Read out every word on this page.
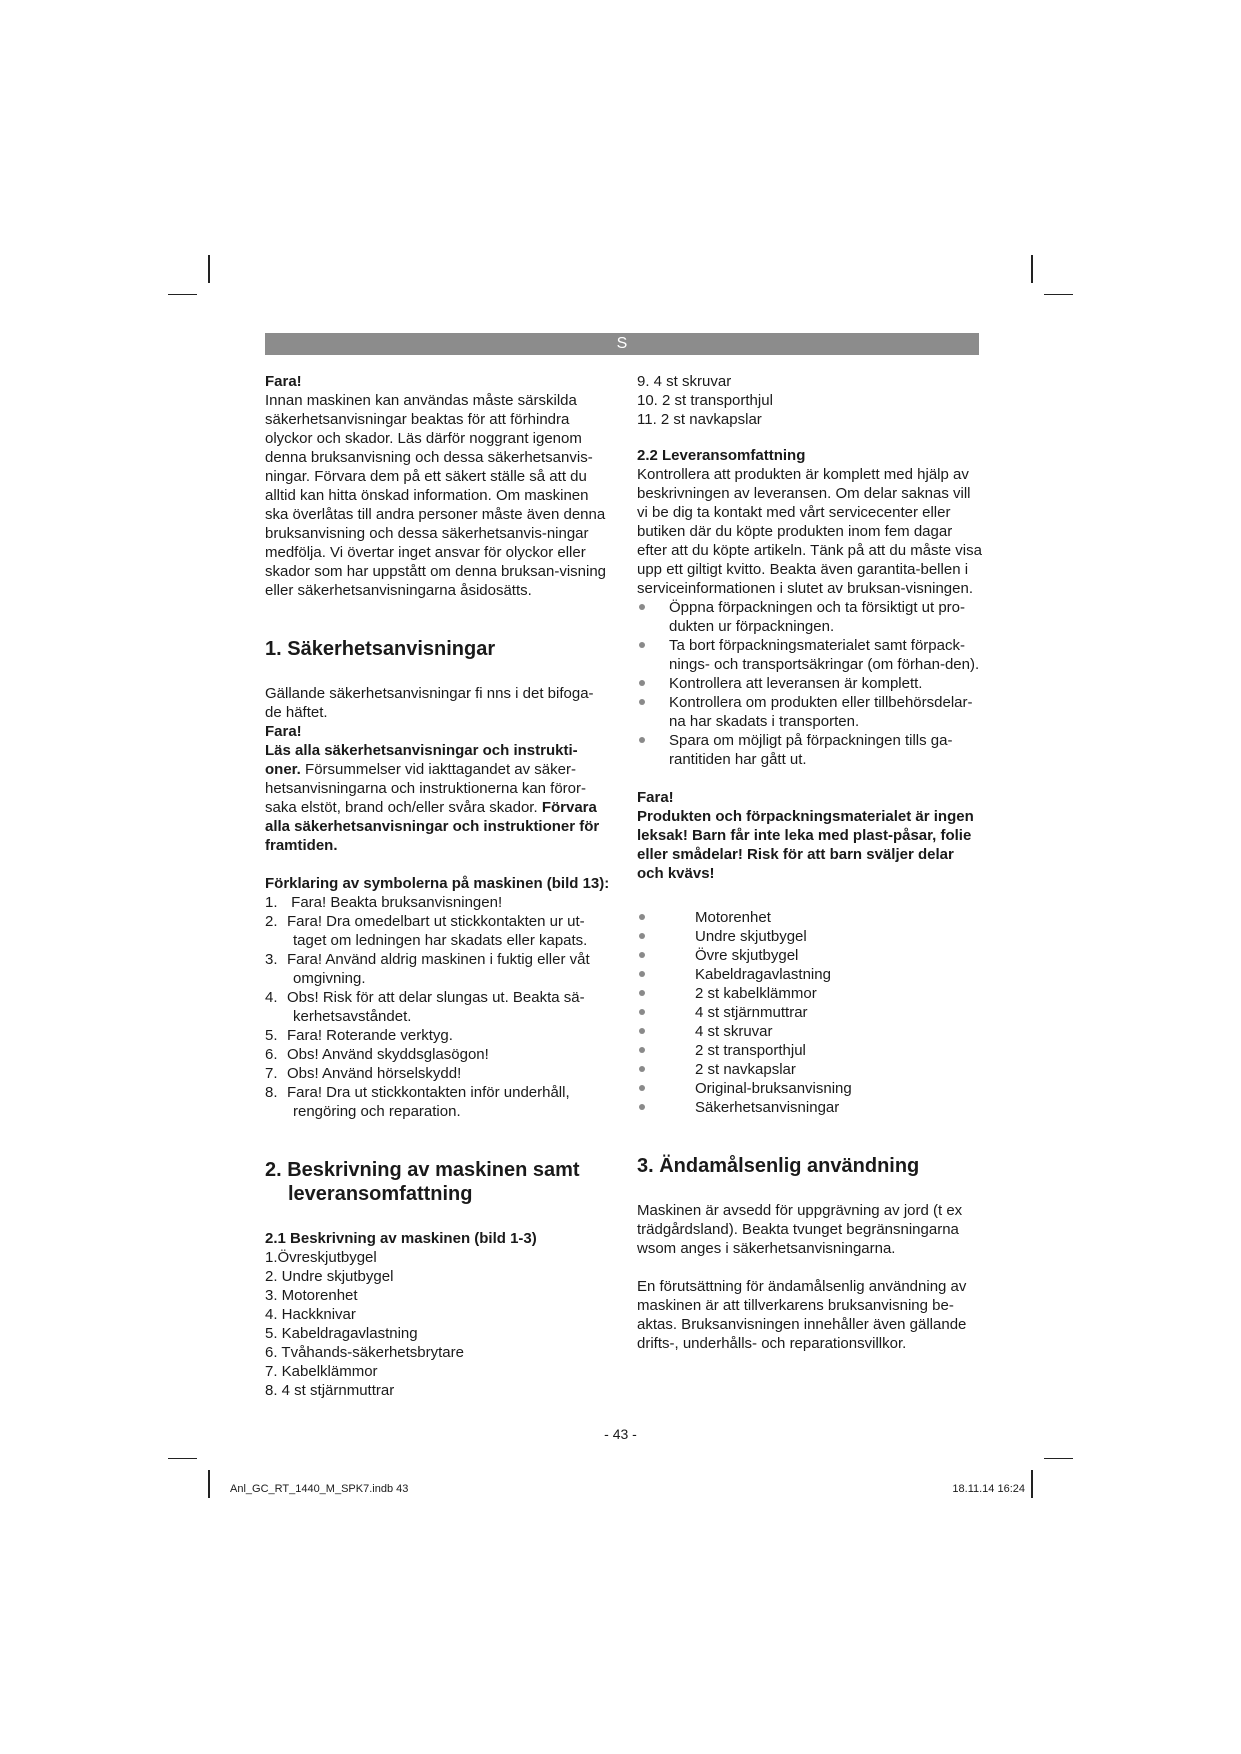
S

Fara!

Innan maskinen kan användas måste särskilda säkerhetsanvisningar beaktas för att förhindra olyckor och skador. Läs därför noggrant igenom denna bruksanvisning och dessa säkerhetsanvis-ningar. Förvara dem på ett säkert ställe så att du alltid kan hitta önskad information. Om maskinen ska överlåtas till andra personer måste även denna bruksanvisning och dessa säkerhetsanvis-ningar medfölja. Vi övertar inget ansvar för olyckor eller skador som har uppstått om denna bruksan-visning eller säkerhetsanvisningarna åsidosätts.

1. Säkerhetsanvisningar

Gällande säkerhetsanvisningar fi nns i det bifoga-de häftet.

Fara!

Läs alla säkerhetsanvisningar och instrukti-oner. Försummelser vid iakttagandet av säker-hetsanvisningarna och instruktionerna kan föror-saka elstöt, brand och/eller svåra skador. Förvara alla säkerhetsanvisningar och instruktioner för framtiden.

Förklaring av symbolerna på maskinen (bild 13):

1. Fara! Beakta bruksanvisningen!
2. Fara! Dra omedelbart ut stickkontakten ur ut-taget om ledningen har skadats eller kapats.
3. Fara! Använd aldrig maskinen i fuktig eller våt omgivning.
4. Obs! Risk för att delar slungas ut. Beakta sä-kerhetsavståndet.
5. Fara! Roterande verktyg.
6. Obs! Använd skyddsglasögon!
7. Obs! Använd hörselskydd!
8. Fara! Dra ut stickkontakten inför underhåll, rengöring och reparation.

2. Beskrivning av maskinen samt
leveransomfattning

2.1 Beskrivning av maskinen (bild 1-3)

1.Övreskjutbygel
2. Undre skjutbygel
3. Motorenhet
4. Hackknivar
5. Kabeldragavlastning
6. Tvåhands-säkerhetsbrytare
7. Kabelklämmor
8. 4 st stjärnmuttrar
9. 4 st skruvar
10. 2 st transporthjul
11. 2 st navkapslar

2.2 Leveransomfattning

Kontrollera att produkten är komplett med hjälp av beskrivningen av leveransen. Om delar saknas vill vi be dig ta kontakt med vårt servicecenter eller butiken där du köpte produkten inom fem dagar efter att du köpte artikeln. Tänk på att du måste visa upp ett giltigt kvitto. Beakta även garantita-bellen i serviceinformationen i slutet av bruksan-visningen.

Öppna förpackningen och ta försiktigt ut pro-dukten ur förpackningen.
Ta bort förpackningsmaterialet samt förpack-nings- och transportsäkringar (om förhan-den).
Kontrollera att leveransen är komplett.
Kontrollera om produkten eller tillbehörsdelar-na har skadats i transporten.
Spara om möjligt på förpackningen tills ga-rantitiden har gått ut.

Fara!

Produkten och förpackningsmaterialet är ingen leksak! Barn får inte leka med plast-påsar, folie eller smådelar! Risk för att barn sväljer delar och kvävs!

Motorenhet
Undre skjutbygel
Övre skjutbygel
Kabeldragavlastning
2 st kabelklämmor
4 st stjärnmuttrar
4 st skruvar
2 st transporthjul
2 st navkapslar
Original-bruksanvisning
Säkerhetsanvisningar

3. Ändamålsenlig användning

Maskinen är avsedd för uppgrävning av jord (t ex trädgårdsland). Beakta tvunget begränsningarna wsom anges i säkerhetsanvisningarna.

En förutsättning för ändamålsenlig användning av maskinen är att tillverkarens bruksanvisning be-aktas. Bruksanvisningen innehåller även gällande drifts-, underhålls- och reparationsvillkor.

- 43 -
Anl_GC_RT_1440_M_SPK7.indb 43	18.11.14 16:24
